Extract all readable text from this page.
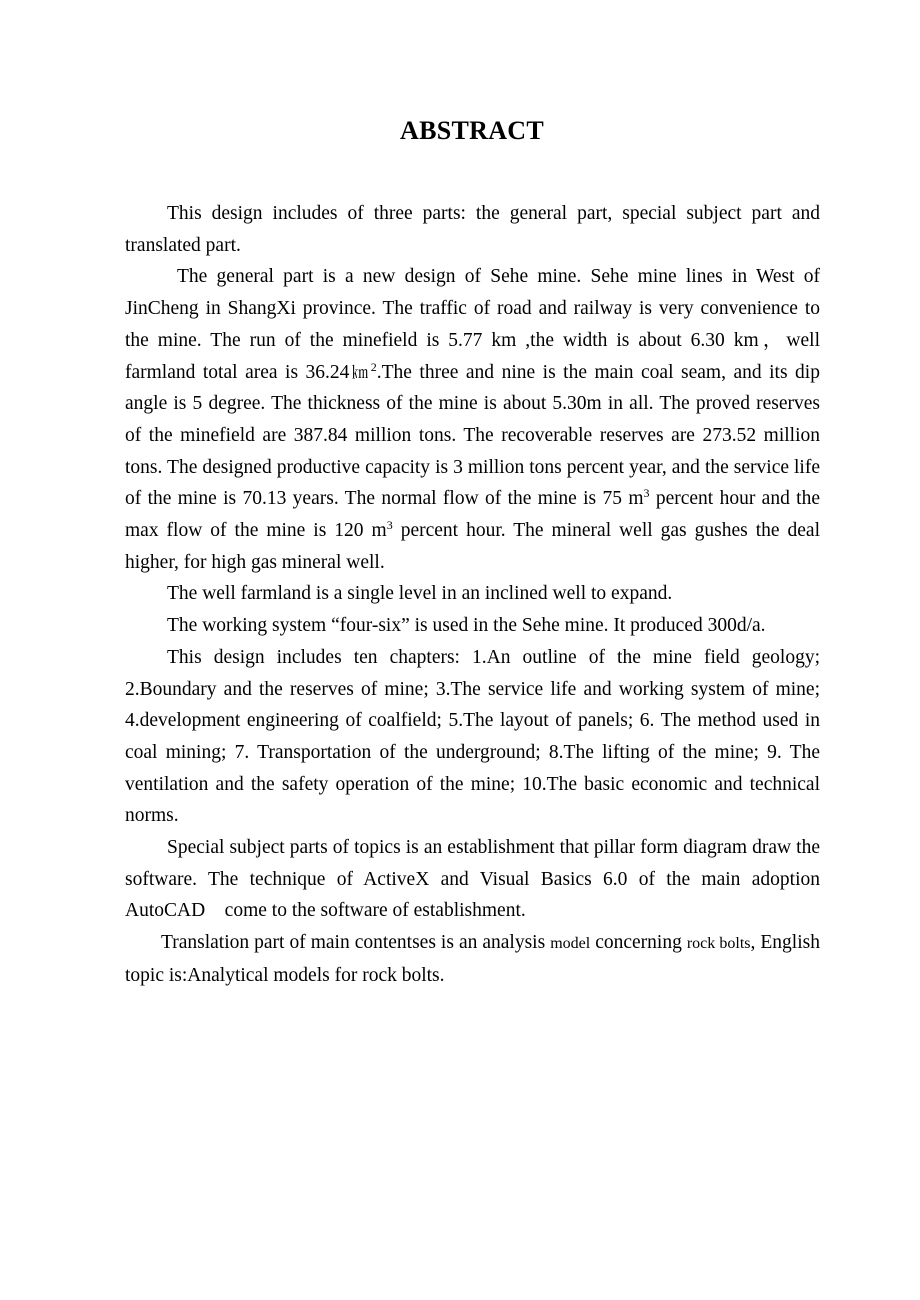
ABSTRACT

This design includes of three parts: the general part, special subject part and translated part.

The general part is a new design of Sehe mine. Sehe mine lines in West of JinCheng in ShangXi province. The traffic of road and railway is very convenience to the mine. The run of the minefield is 5.77 km ,the width is about 6.30 km，well farmland total area is 36.24㎞$^2$.The three and nine is the main coal seam, and its dip angle is 5 degree. The thickness of the mine is about 5.30m in all. The proved reserves of the minefield are 387.84 million tons. The recoverable reserves are 273.52 million tons. The designed productive capacity is 3 million tons percent year, and the service life of the mine is 70.13 years. The normal flow of the mine is 75 $m^3$ percent hour and the max flow of the mine is 120 $m^3$ percent hour. The mineral well gas gushes the deal higher, for high gas mineral well.

The well farmland is a single level in an inclined well to expand.

The working system “four-six” is used in the Sehe mine. It produced 300d/a.

This design includes ten chapters: 1.An outline of the mine field geology; 2.Boundary and the reserves of mine; 3.The service life and working system of mine; 4.development engineering of coalfield; 5.The layout of panels; 6. The method used in coal mining; 7. Transportation of the underground; 8.The lifting of the mine; 9. The ventilation and the safety operation of the mine; 10.The basic economic and technical norms.

Special subject parts of topics is an establishment that pillar form diagram draw the software. The technique of ActiveX and Visual Basics 6.0 of the main adoption AutoCAD　come to the software of establishment.

Translation part of main contentses is an analysis model concerning rock bolts, English topic is:Analytical models for rock bolts.
